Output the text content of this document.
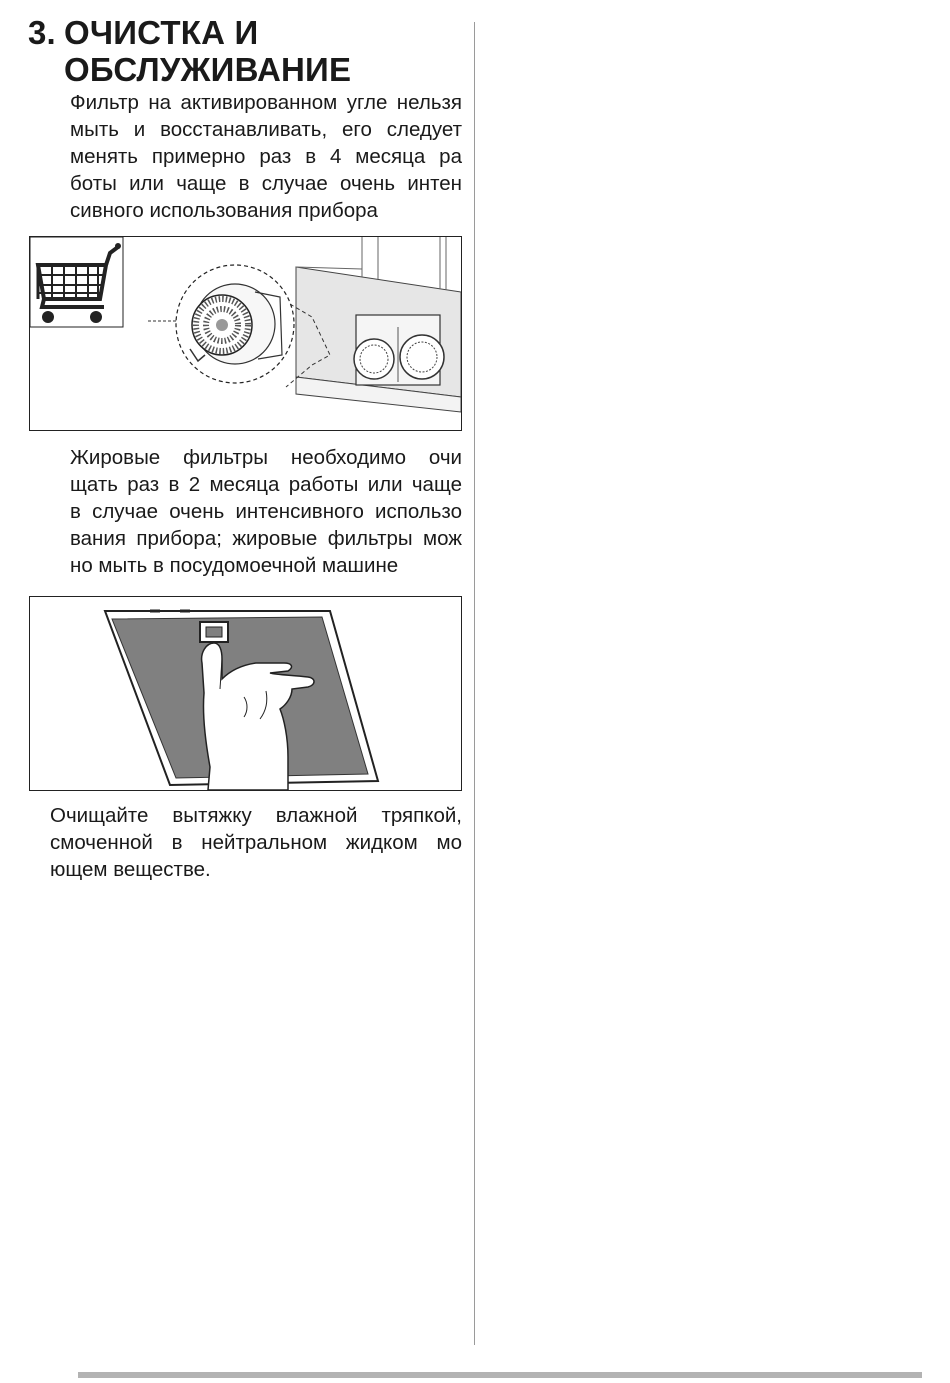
3. ОЧИСТКА И
ОБСЛУЖИВАНИЕ
Фильтр на активированном угле нельзя
мыть и восстанавливать, его следует
менять примерно раз в 4 месяца ра
боты или чаще в случае очень интен
сивного использования прибора
Жировые фильтры необходимо очи
щать раз в 2 месяца работы или чаще
в случае очень интенсивного использо
вания прибора; жировые фильтры мож
но мыть в посудомоечной машине
Очищайте вытяжку влажной тряпкой,
смоченной в нейтральном жидком мо
ющем веществе.
